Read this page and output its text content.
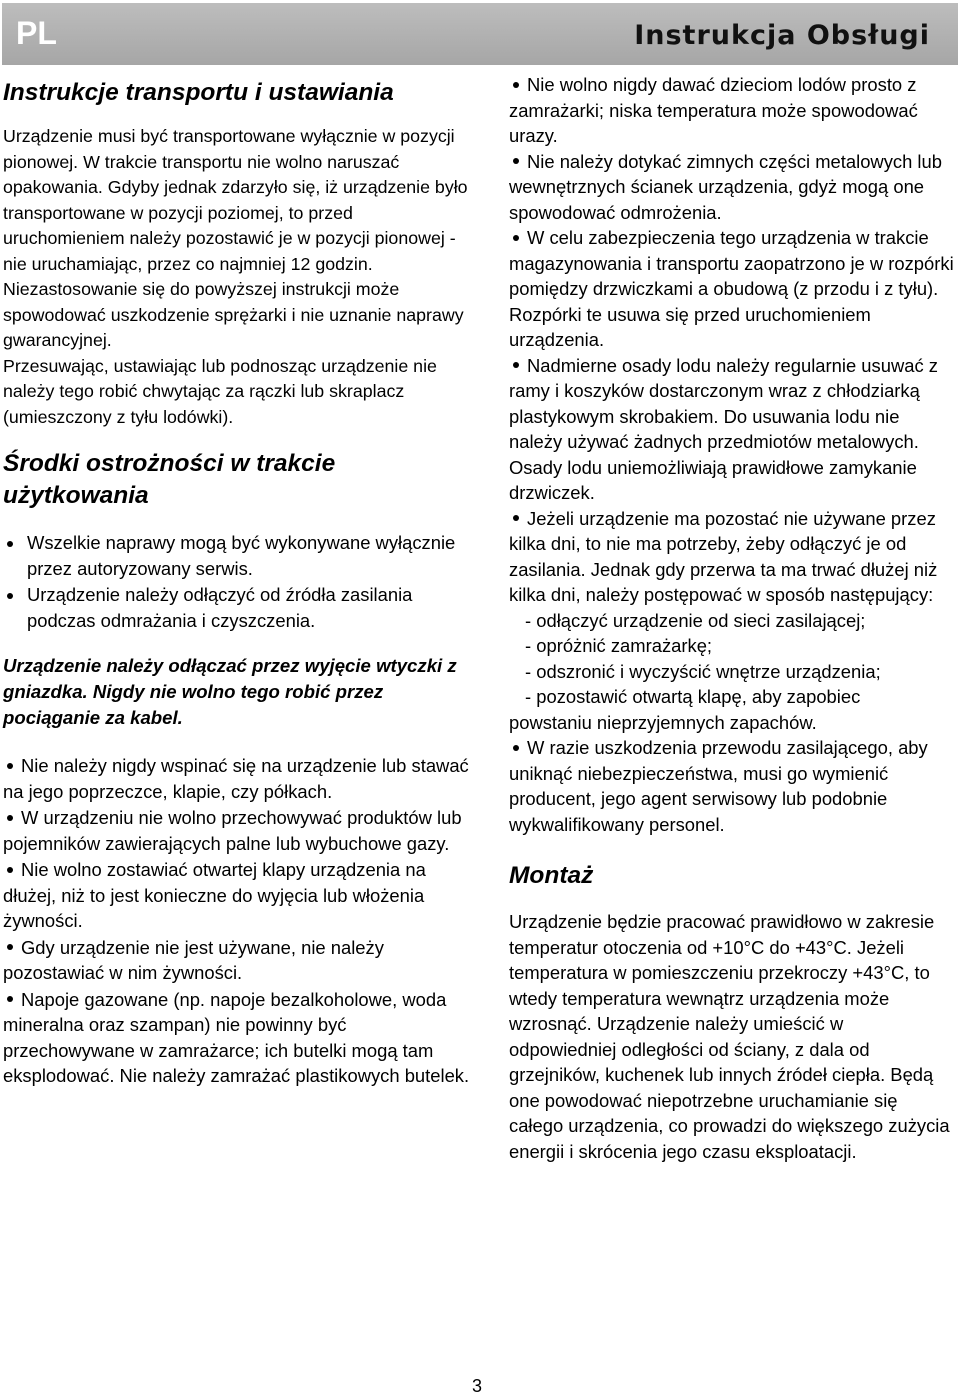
PL	Instrukcja Obsługi
Instrukcje transportu i ustawiania

Urządzenie musi być transportowane wyłącznie w pozycji pionowej. W trakcie transportu nie wolno naruszać opakowania. Gdyby jednak zdarzyło się, iż urządzenie było transportowane w pozycji poziomej, to przed uruchomieniem należy pozostawić je w pozycji pionowej - nie uruchamiając, przez co najmniej 12 godzin.

Niezastosowanie się do powyższej instrukcji może spowodować uszkodzenie sprężarki i nie uznanie naprawy gwarancyjnej.

Przesuwając, ustawiając lub podnosząc urządzenie nie należy tego robić chwytając za rączki lub skraplacz (umieszczony z tyłu lodówki).

Środki ostrożności w trakcie użytkowania

Wszelkie naprawy mogą być wykonywane wyłącznie przez autoryzowany serwis.

Urządzenie należy odłączyć od źródła zasilania podczas odmrażania i czyszczenia.

Urządzenie należy odłączać przez wyjęcie wtyczki z gniazdka. Nigdy nie wolno tego robić przez pociąganie za kabel.

Nie należy nigdy wspinać się na urządzenie lub stawać na jego poprzeczce, klapie, czy półkach.

W urządzeniu nie wolno przechowywać produktów lub pojemników zawierających palne lub wybuchowe gazy.

Nie wolno zostawiać otwartej klapy urządzenia na dłużej, niż to jest konieczne do wyjęcia lub włożenia żywności.

Gdy urządzenie nie jest używane, nie należy pozostawiać w nim żywności.

Napoje gazowane (np. napoje bezalkoholowe, woda mineralna oraz szampan) nie powinny być przechowywane w zamrażarce; ich butelki mogą tam eksplodować. Nie należy zamrażać plastikowych butelek.

Nie wolno nigdy dawać dzieciom lodów prosto z zamrażarki; niska temperatura może spowodować urazy.

Nie należy dotykać zimnych części metalowych lub wewnętrznych ścianek urządzenia, gdyż mogą one spowodować odmrożenia.

W celu zabezpieczenia tego urządzenia w trakcie magazynowania i transportu zaopatrzono je w rozpórki pomiędzy drzwiczkami a obudową (z przodu i z tyłu). Rozpórki te usuwa się przed uruchomieniem urządzenia.

Nadmierne osady lodu należy regularnie usuwać z ramy i koszyków dostarczonym wraz z chłodziarką plastykowym skrobakiem. Do usuwania lodu nie należy używać żadnych przedmiotów metalowych. Osady lodu uniemożliwiają prawidłowe zamykanie drzwiczek.

Jeżeli urządzenie ma pozostać nie używane przez kilka dni, to nie ma potrzeby, żeby odłączyć je od zasilania. Jednak gdy przerwa ta ma trwać dłużej niż kilka dni, należy postępować w sposób następujący:

- odłączyć urządzenie od sieci zasilającej;

- opróżnić zamrażarkę;

- odszronić i wyczyścić wnętrze urządzenia;

- pozostawić otwartą klapę, aby zapobiec

powstaniu nieprzyjemnych zapachów.

W razie uszkodzenia przewodu zasilającego, aby uniknąć niebezpieczeństwa, musi go wymienić producent, jego agent serwisowy lub podobnie wykwalifikowany personel.

Montaż

Urządzenie będzie pracować prawidłowo w zakresie temperatur otoczenia od +10°C do +43°C. Jeżeli temperatura w pomieszczeniu przekroczy +43°C, to wtedy temperatura wewnątrz urządzenia może wzrosnąć. Urządzenie należy umieścić w odpowiedniej odległości od ściany, z dala od grzejników, kuchenek lub innych źródeł ciepła. Będą one powodować niepotrzebne uruchamianie się całego urządzenia, co prowadzi do większego zużycia energii i skrócenia jego czasu eksploatacji.

3
